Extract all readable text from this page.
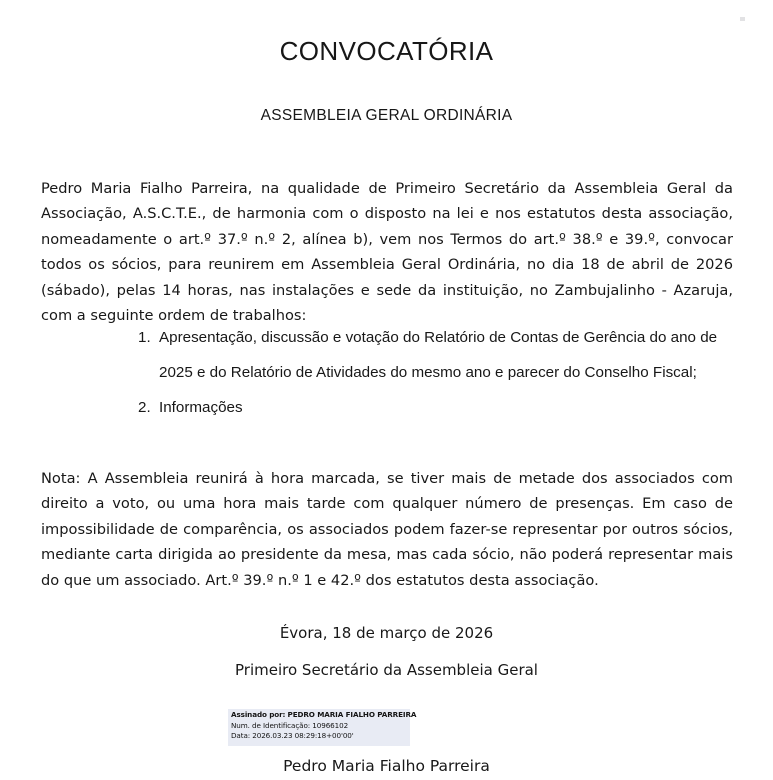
CONVOCATÓRIA
ASSEMBLEIA GERAL ORDINÁRIA
Pedro Maria Fialho Parreira, na qualidade de Primeiro Secretário da Assembleia Geral da Associação, A.S.C.T.E., de harmonia com o disposto na lei e nos estatutos desta associação, nomeadamente o art.º 37.º n.º 2, alínea b), vem nos Termos do art.º 38.º e 39.º, convocar todos os sócios, para reunirem em Assembleia Geral Ordinária, no dia 18 de abril de 2026 (sábado), pelas 14 horas, nas instalações e sede da instituição, no Zambujalinho - Azaruja, com a seguinte ordem de trabalhos:
1. Apresentação, discussão e votação do Relatório de Contas de Gerência do ano de 2025 e do Relatório de Atividades do mesmo ano e parecer do Conselho Fiscal;
2. Informações
Nota: A Assembleia reunirá à hora marcada, se tiver mais de metade dos associados com direito a voto, ou uma hora mais tarde com qualquer número de presenças. Em caso de impossibilidade de comparência, os associados podem fazer-se representar por outros sócios, mediante carta dirigida ao presidente da mesa, mas cada sócio, não poderá representar mais do que um associado. Art.º 39.º n.º 1 e 42.º dos estatutos desta associação.
Évora, 18 de março de 2026
Primeiro Secretário da Assembleia Geral
Assinado por: PEDRO MARIA FIALHO PARREIRA
Num. de Identificação: 10966102
Data: 2026.03.23 08:29:18+00'00'
Pedro Maria Fialho Parreira
